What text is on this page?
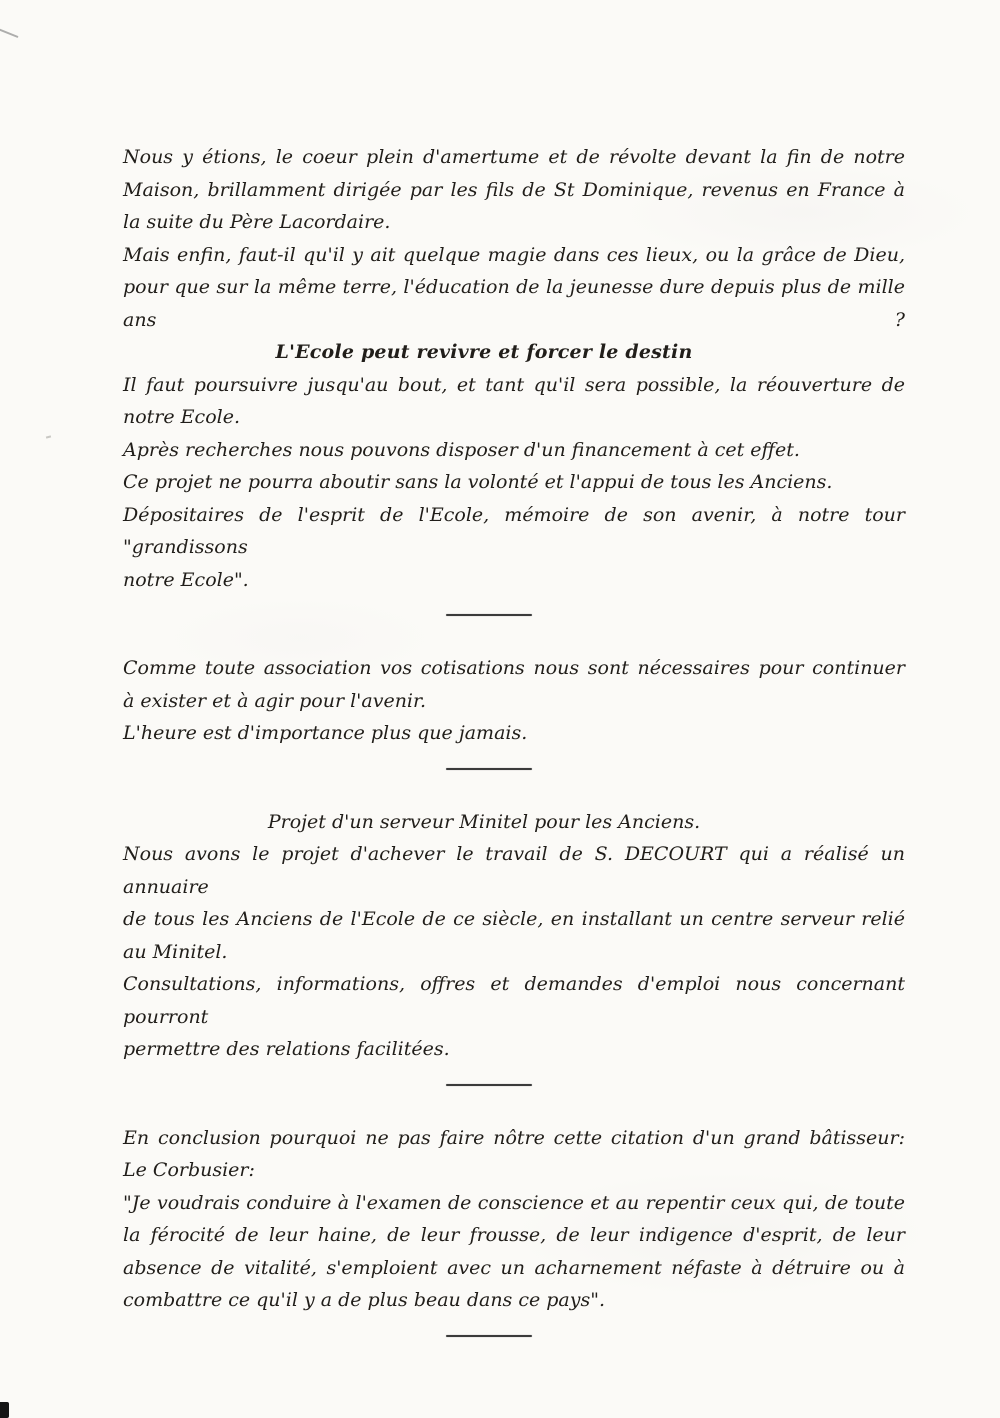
Nous y étions, le coeur plein d'amertume et de révolte devant la fin de notre
Maison, brillamment dirigée par les fils de St Dominique, revenus en France à
la suite du Père Lacordaire.
Mais enfin, faut-il qu'il y ait quelque magie dans ces lieux, ou la grâce de Dieu,
pour que sur la même terre, l'éducation de la jeunesse dure depuis plus de mille ans ?
L'Ecole peut revivre et forcer le destin
Il faut poursuivre jusqu'au bout, et tant qu'il sera possible, la réouverture de
notre Ecole.
Après recherches nous pouvons disposer d'un financement à cet effet.
Ce projet ne pourra aboutir sans la volonté et l'appui de tous les Anciens.
Dépositaires de l'esprit de l'Ecole, mémoire de son avenir, à notre tour "grandissons
notre Ecole".
Comme toute association vos cotisations nous sont nécessaires pour continuer
à exister et à agir pour l'avenir.
L'heure est d'importance plus que jamais.
Projet d'un serveur Minitel pour les Anciens.
Nous avons le projet d'achever le travail de S. DECOURT qui a réalisé un annuaire
de tous les Anciens de l'Ecole de ce siècle, en installant un centre serveur relié
au Minitel.
Consultations, informations, offres et demandes d'emploi nous concernant pourront
permettre des relations facilitées.
En conclusion pourquoi ne pas faire nôtre cette citation d'un grand bâtisseur:
Le Corbusier:
"Je voudrais conduire à l'examen de conscience et au repentir ceux qui, de toute
la férocité de leur haine, de leur frousse, de leur indigence d'esprit, de leur
absence de vitalité, s'emploient avec un acharnement néfaste à détruire ou à
combattre ce qu'il y a de plus beau dans ce pays".
